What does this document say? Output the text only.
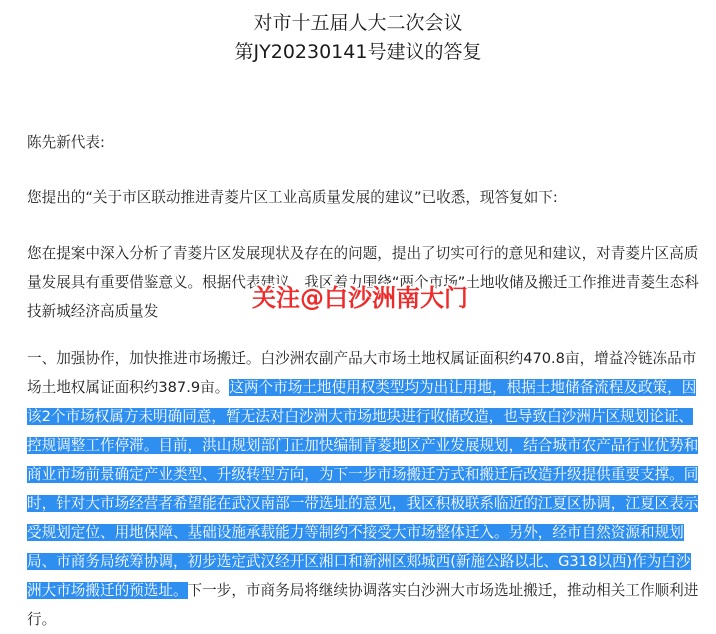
对市十五届人大二次会议
第JY20230141号建议的答复
陈先新代表:
您提出的“关于市区联动推进青菱片区工业高质量发展的建议”已收悉，现答复如下:
您在提案中深入分析了青菱片区发展现状及存在的问题，提出了切实可行的意见和建议，对青菱片区高质量发展具有重要借鉴意义。根据代表建议，我区着力围绕“两个市场”土地收储及搬迁工作推进青菱生态科技新城经济高质量发
一、加强协作，加快推进市场搬迁。白沙洲农副产品大市场土地权属证面积约470.8亩，增益冷链冻品市场土地权属证面积约387.9亩。这两个市场土地使用权类型均为出让用地，根据土地储备流程及政策，因该2个市场权属方未明确同意，暂无法对白沙洲大市场地块进行收储改造，也导致白沙洲片区规划论证、控规调整工作停滞。目前，洪山规划部门正加快编制青菱地区产业发展规划，结合城市农产品行业优势和商业市场前景确定产业类型、升级转型方向，为下一步市场搬迁方式和搬迁后改造升级提供重要支撑。同时，针对大市场经营者希望能在武汉南部一带选址的意见，我区积极联系临近的江夏区协调，江夏区表示受规划定位、用地保障、基础设施承载能力等制约不接受大市场整体迁入。另外，经市自然资源和规划局、市商务局统筹协调，初步选定武汉经开区湘口和新洲区郏城西(新施公路以北、G318以西)作为白沙洲大市场搬迁的预选址。下一步，市商务局将继续协调落实白沙洲大市场选址搬迁，推动相关工作顺利进行。
关注@白沙洲南大门
